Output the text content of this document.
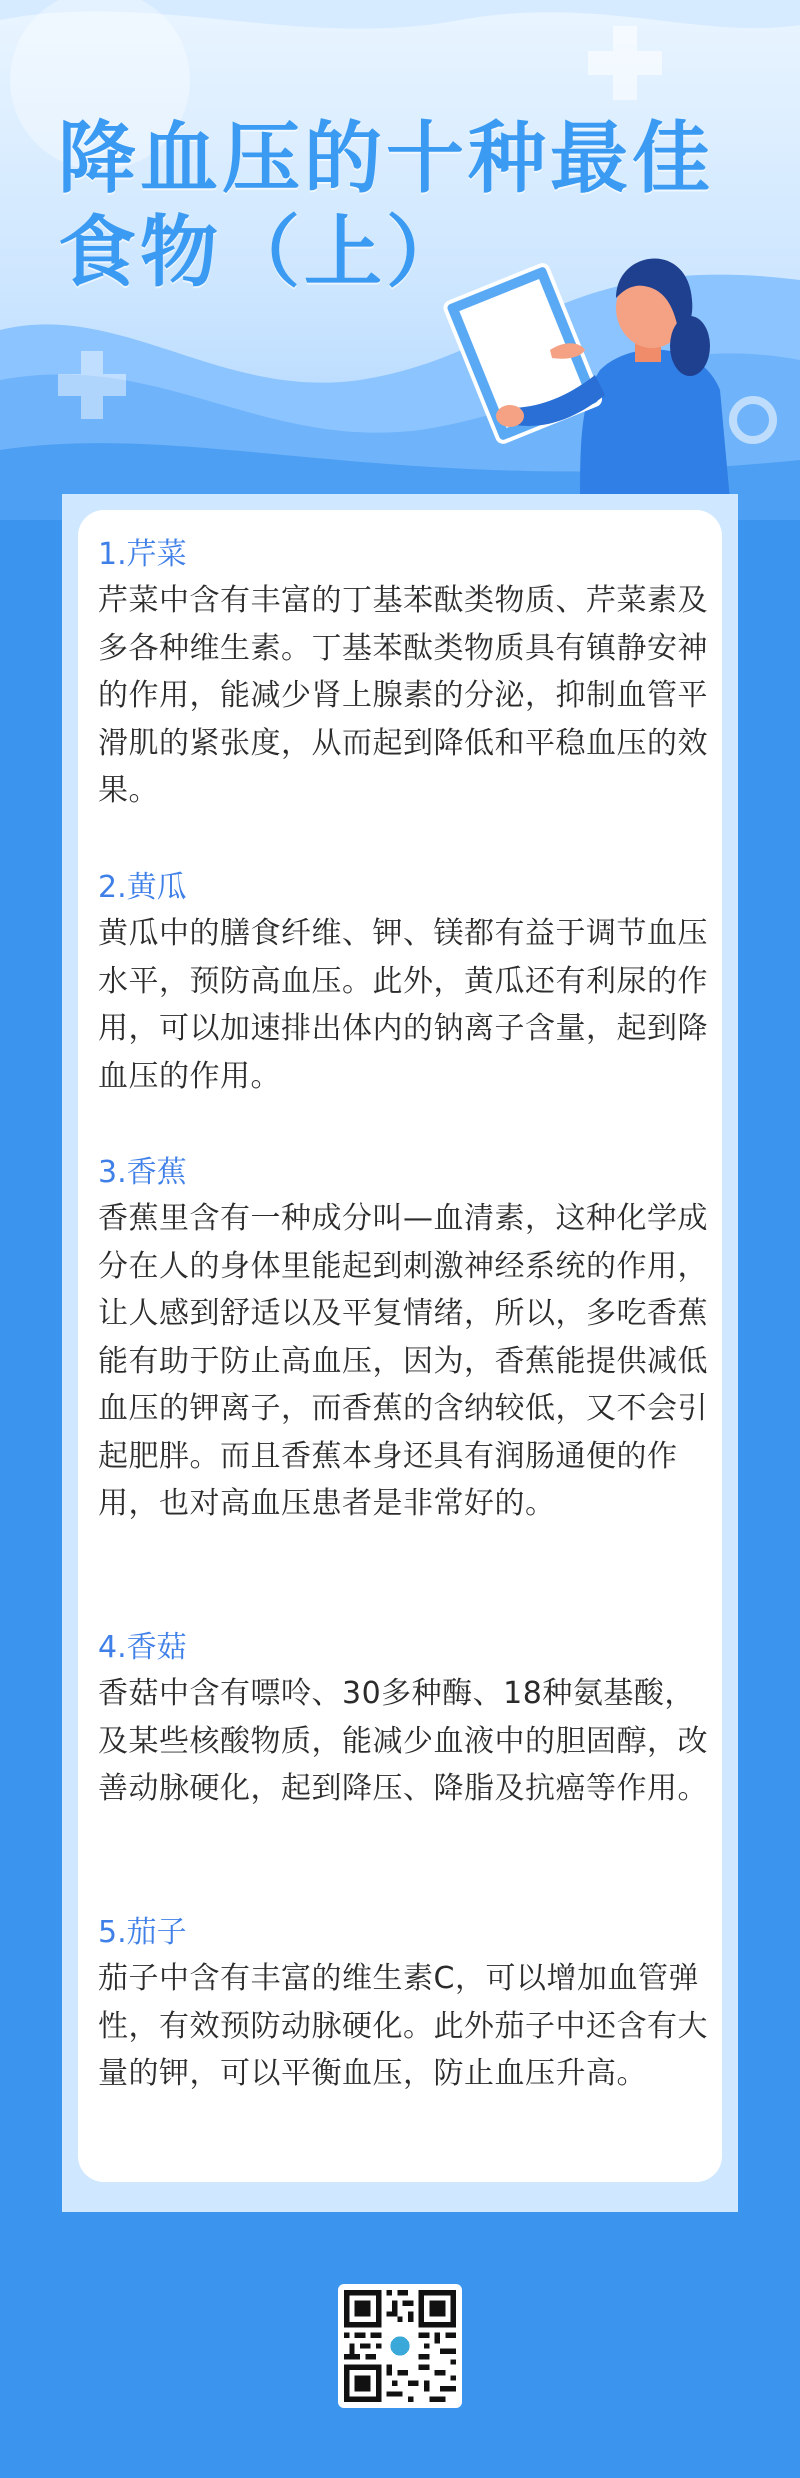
降血压的十种最佳
食物（上）
1.芹菜
芹菜中含有丰富的丁基苯酞类物质、芹菜素及多各种维生素。丁基苯酞类物质具有镇静安神的作用，能减少肾上腺素的分泌，抑制血管平滑肌的紧张度，从而起到降低和平稳血压的效果。
2.黄瓜
黄瓜中的膳食纤维、钾、镁都有益于调节血压水平，预防高血压。此外，黄瓜还有利尿的作用，可以加速排出体内的钠离子含量，起到降血压的作用。
3.香蕉
香蕉里含有一种成分叫—血清素，这种化学成分在人的身体里能起到刺激神经系统的作用，让人感到舒适以及平复情绪，所以，多吃香蕉能有助于防止高血压，因为，香蕉能提供减低血压的钾离子，而香蕉的含纳较低，又不会引起肥胖。而且香蕉本身还具有润肠通便的作用，也对高血压患者是非常好的。
4.香菇
香菇中含有嘌呤、30多种酶、18种氨基酸，及某些核酸物质，能减少血液中的胆固醇，改善动脉硬化，起到降压、降脂及抗癌等作用。
5.茄子
茄子中含有丰富的维生素C，可以增加血管弹性，有效预防动脉硬化。此外茄子中还含有大量的钾，可以平衡血压，防止血压升高。
